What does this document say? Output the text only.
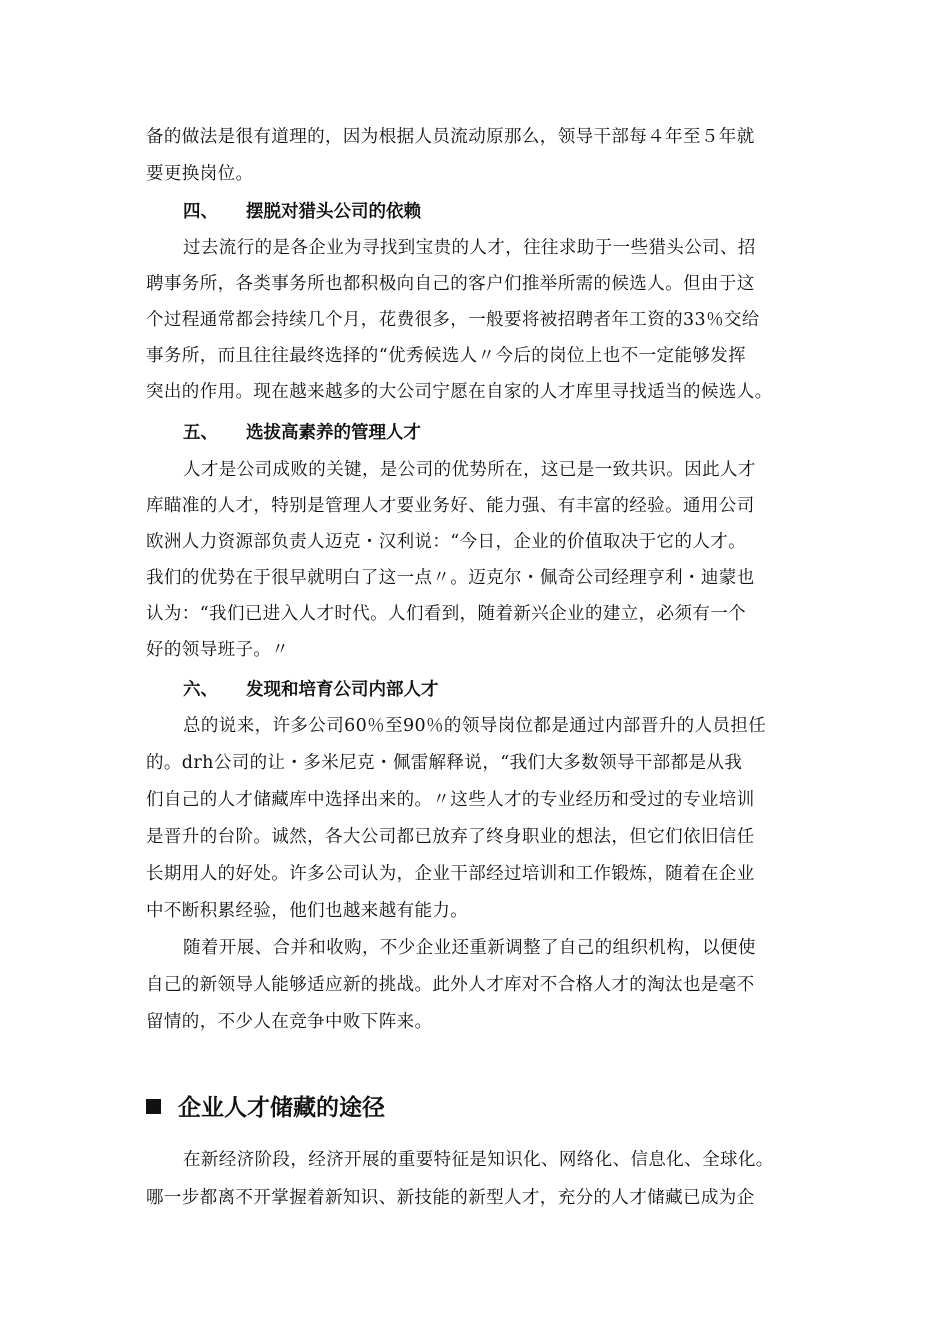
备的做法是很有道理的，因为根据人员流动原那么，领导干部每４年至５年就
要更换岗位。
四、 摆脱对猎头公司的依赖
过去流行的是各企业为寻找到宝贵的人才，往往求助于一些猎头公司、招
聘事务所，各类事务所也都积极向自己的客户们推举所需的候选人。但由于这
个过程通常都会持续几个月，花费很多，一般要将被招聘者年工资的33％交给
事务所，而且往往最终选择的“优秀候选人〃今后的岗位上也不一定能够发挥
突出的作用。现在越来越多的大公司宁愿在自家的人才库里寻找适当的候选人。
五、 选拔高素养的管理人才
人才是公司成败的关键，是公司的优势所在，这已是一致共识。因此人才
库瞄准的人才，特别是管理人才要业务好、能力强、有丰富的经验。通用公司
欧洲人力资源部负责人迈克・汉利说：“今日，企业的价值取决于它的人才。
我们的优势在于很早就明白了这一点〃。迈克尔・佩奇公司经理亨利・迪蒙也
认为：“我们已进入人才时代。人们看到，随着新兴企业的建立，必须有一个
好的领导班子。〃
六、 发现和培育公司内部人才
总的说来，许多公司60％至90％的领导岗位都是通过内部晋升的人员担任
的。drh公司的让・多米尼克・佩雷解释说，“我们大多数领导干部都是从我
们自己的人才储藏库中选择出来的。〃这些人才的专业经历和受过的专业培训
是晋升的台阶。诚然，各大公司都已放弃了终身职业的想法，但它们依旧信任
长期用人的好处。许多公司认为，企业干部经过培训和工作锻炼，随着在企业
中不断积累经验，他们也越来越有能力。
随着开展、合并和收购，不少企业还重新调整了自己的组织机构，以便使
自己的新领导人能够适应新的挑战。此外人才库对不合格人才的淘汰也是毫不
留情的，不少人在竞争中败下阵来。
企业人才储藏的途径
在新经济阶段，经济开展的重要特征是知识化、网络化、信息化、全球化。
哪一步都离不开掌握着新知识、新技能的新型人才，充分的人才储藏已成为企
